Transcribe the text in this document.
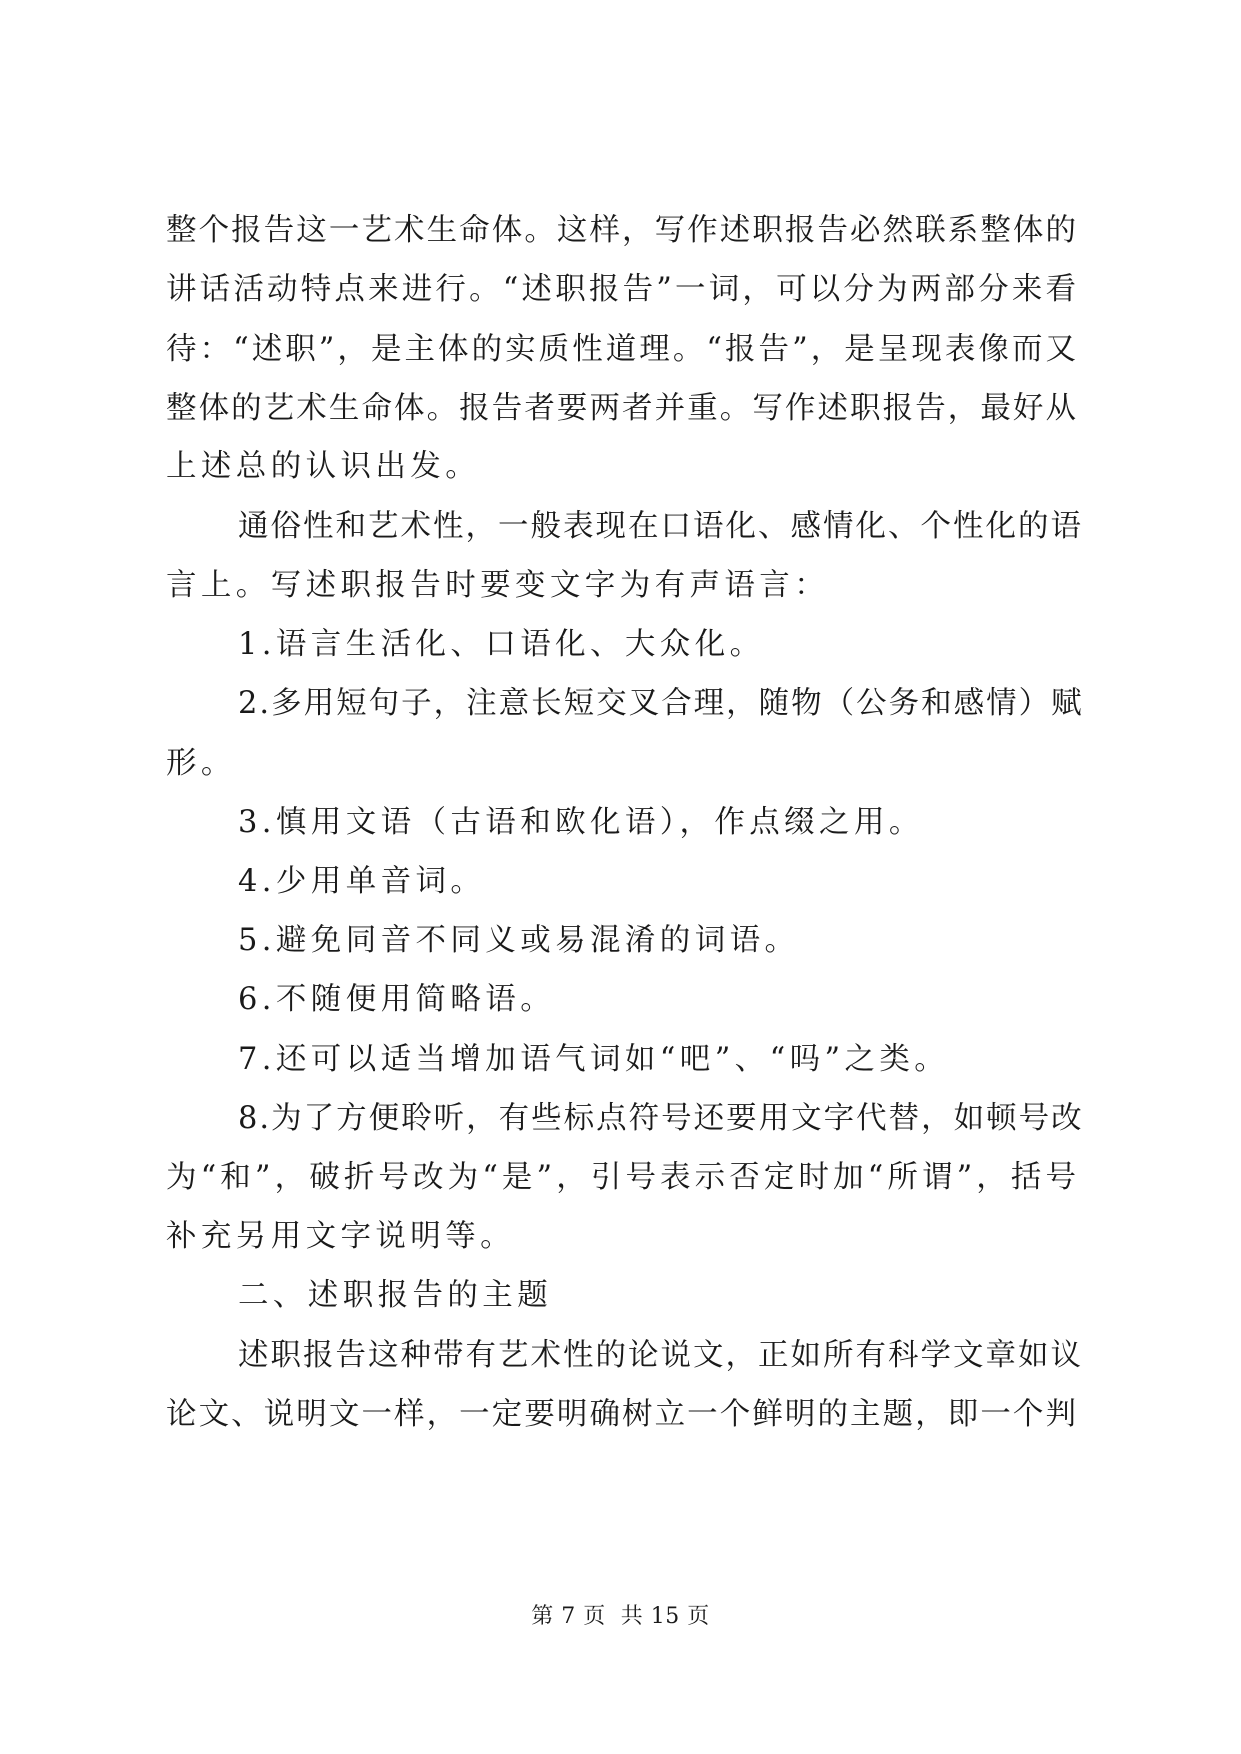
整个报告这一艺术生命体。这样，写作述职报告必然联系整体的
讲话活动特点来进行。“述职报告”一词，可以分为两部分来看
待：“述职”，是主体的实质性道理。“报告”，是呈现表像而又
整体的艺术生命体。报告者要两者并重。写作述职报告，最好从
上述总的认识出发。
通俗性和艺术性，一般表现在口语化、感情化、个性化的语
言上。写述职报告时要变文字为有声语言：
1.语言生活化、口语化、大众化。
2.多用短句子，注意长短交叉合理，随物（公务和感情）赋
形。
3.慎用文语（古语和欧化语），作点缀之用。
4.少用单音词。
5.避免同音不同义或易混淆的词语。
6.不随便用简略语。
7.还可以适当增加语气词如“吧”、“吗”之类。
8.为了方便聆听，有些标点符号还要用文字代替，如顿号改
为“和”，破折号改为“是”，引号表示否定时加“所谓”，括号
补充另用文字说明等。
二、述职报告的主题
述职报告这种带有艺术性的论说文，正如所有科学文章如议
论文、说明文一样，一定要明确树立一个鲜明的主题，即一个判
第 7 页  共 15 页
